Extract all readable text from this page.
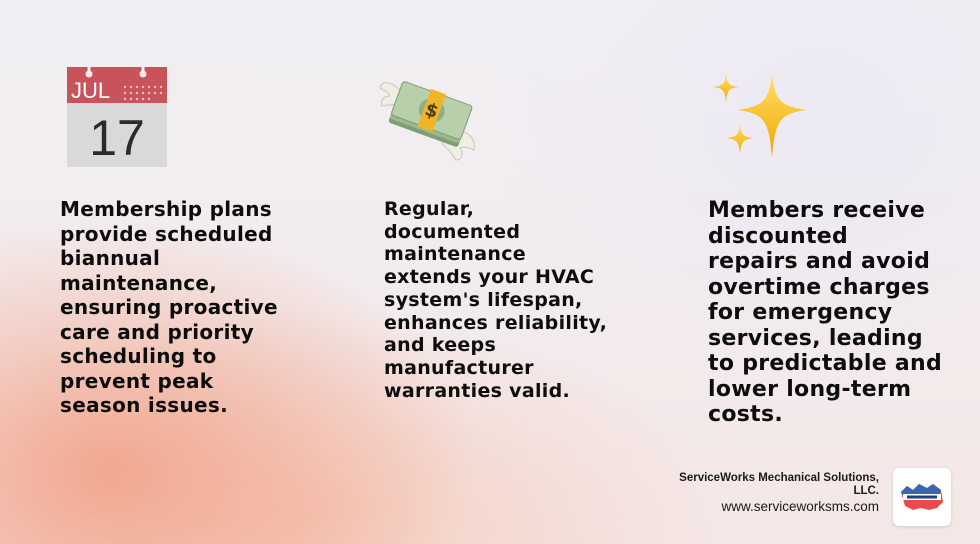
JUL
17
Membership plans provide scheduled biannual maintenance, ensuring proactive care and priority scheduling to prevent peak season issues.
$
Regular, documented maintenance extends your HVAC system's lifespan, enhances reliability, and keeps manufacturer warranties valid.
Members receive discounted repairs and avoid overtime charges for emergency services, leading to predictable and lower long-term costs.
ServiceWorks Mechanical Solutions, LLC.
www.serviceworksms.com
